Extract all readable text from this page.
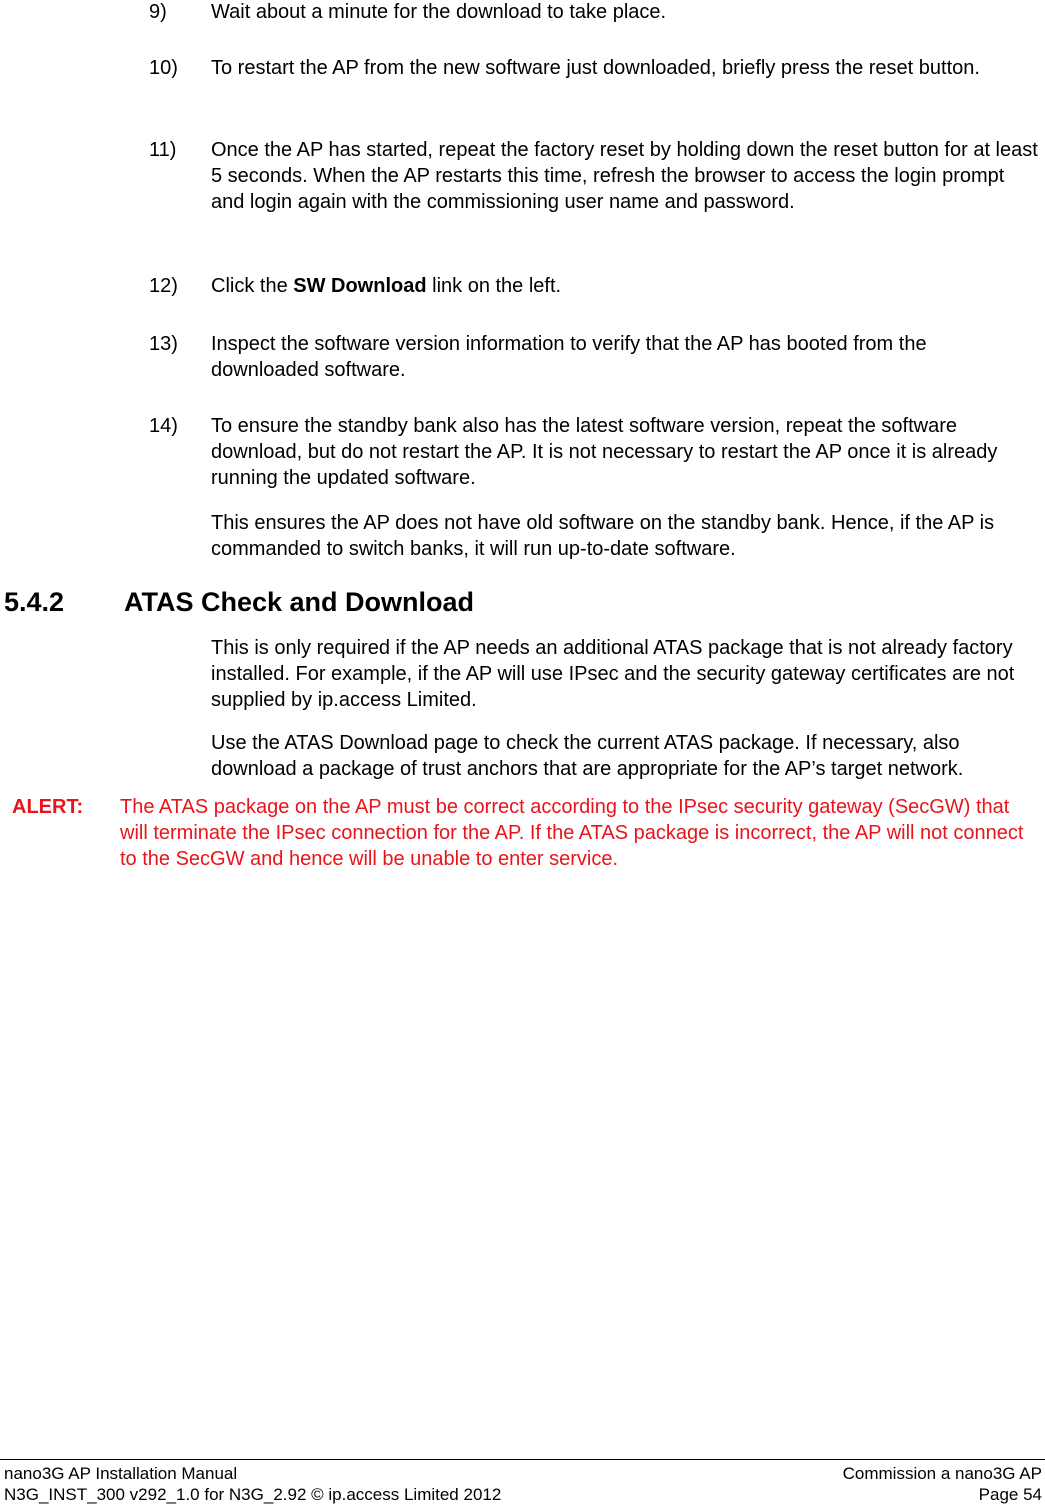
9) Wait about a minute for the download to take place.
10) To restart the AP from the new software just downloaded, briefly press the reset button.
11) Once the AP has started, repeat the factory reset by holding down the reset button for at least 5 seconds. When the AP restarts this time, refresh the browser to access the login prompt and login again with the commissioning user name and password.
12) Click the SW Download link on the left.
13) Inspect the software version information to verify that the AP has booted from the downloaded software.
14) To ensure the standby bank also has the latest software version, repeat the software download, but do not restart the AP. It is not necessary to restart the AP once it is already running the updated software.
This ensures the AP does not have old software on the standby bank. Hence, if the AP is commanded to switch banks, it will run up-to-date software.
5.4.2 ATAS Check and Download
This is only required if the AP needs an additional ATAS package that is not already factory installed. For example, if the AP will use IPsec and the security gateway certificates are not supplied by ip.access Limited.
Use the ATAS Download page to check the current ATAS package. If necessary, also download a package of trust anchors that are appropriate for the AP’s target network.
ALERT: The ATAS package on the AP must be correct according to the IPsec security gateway (SecGW) that will terminate the IPsec connection for the AP. If the ATAS package is incorrect, the AP will not connect to the SecGW and hence will be unable to enter service.
nano3G AP Installation Manual	Commission a nano3G AP
N3G_INST_300 v292_1.0 for N3G_2.92 © ip.access Limited 2012	Page 54
